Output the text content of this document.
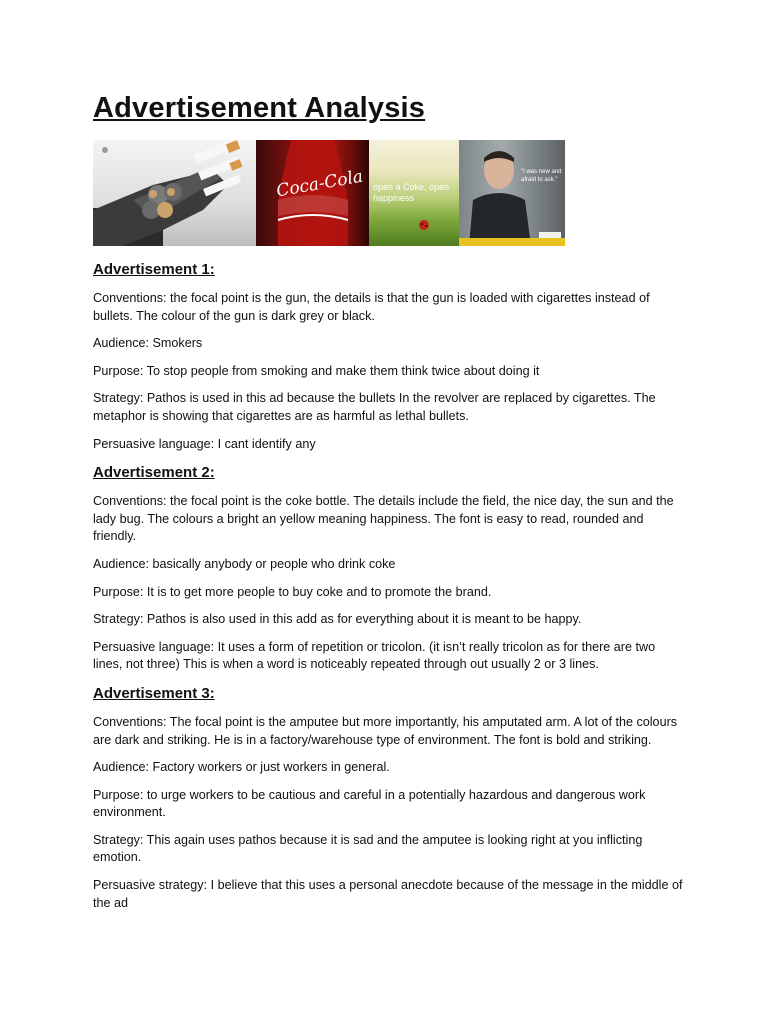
Advertisement Analysis
Coca-Cola open a Coke, open happiness
"I was new and afraid to ask."
Advertisement 1:

Conventions: the focal point is the gun, the details is that the gun is loaded with cigarettes instead of bullets. The colour of the gun is dark grey or black.

Audience: Smokers

Purpose: To stop people from smoking and make them think twice about doing it

Strategy: Pathos is used in this ad because the bullets In the revolver are replaced by cigarettes. The metaphor is showing that cigarettes are as harmful as lethal bullets.

Persuasive language: I cant identify any

Advertisement 2:

Conventions: the focal point is the coke bottle. The details include the field, the nice day, the sun and the lady bug. The colours a bright an yellow meaning happiness. The font is easy to read, rounded and friendly.

Audience: basically anybody or people who drink coke

Purpose: It is to get more people to buy coke and to promote the brand.

Strategy: Pathos is also used in this add as for everything about it is meant to be happy.

Persuasive language: It uses a form of repetition or tricolon. (it isn’t really tricolon as for there are two lines, not three) This is when a word is noticeably repeated through out usually 2 or 3 lines.

Advertisement 3:

Conventions: The focal point is the amputee but more importantly, his amputated arm. A lot of the colours are dark and striking. He is in a factory/warehouse type of environment. The font is bold and striking.

Audience: Factory workers or just workers in general.

Purpose: to urge workers to be cautious and careful in a potentially hazardous and dangerous work environment.

Strategy: This again uses pathos because it is sad and the amputee is looking right at you inflicting emotion.

Persuasive strategy: I believe that this uses a personal anecdote because of the message in the middle of the ad
